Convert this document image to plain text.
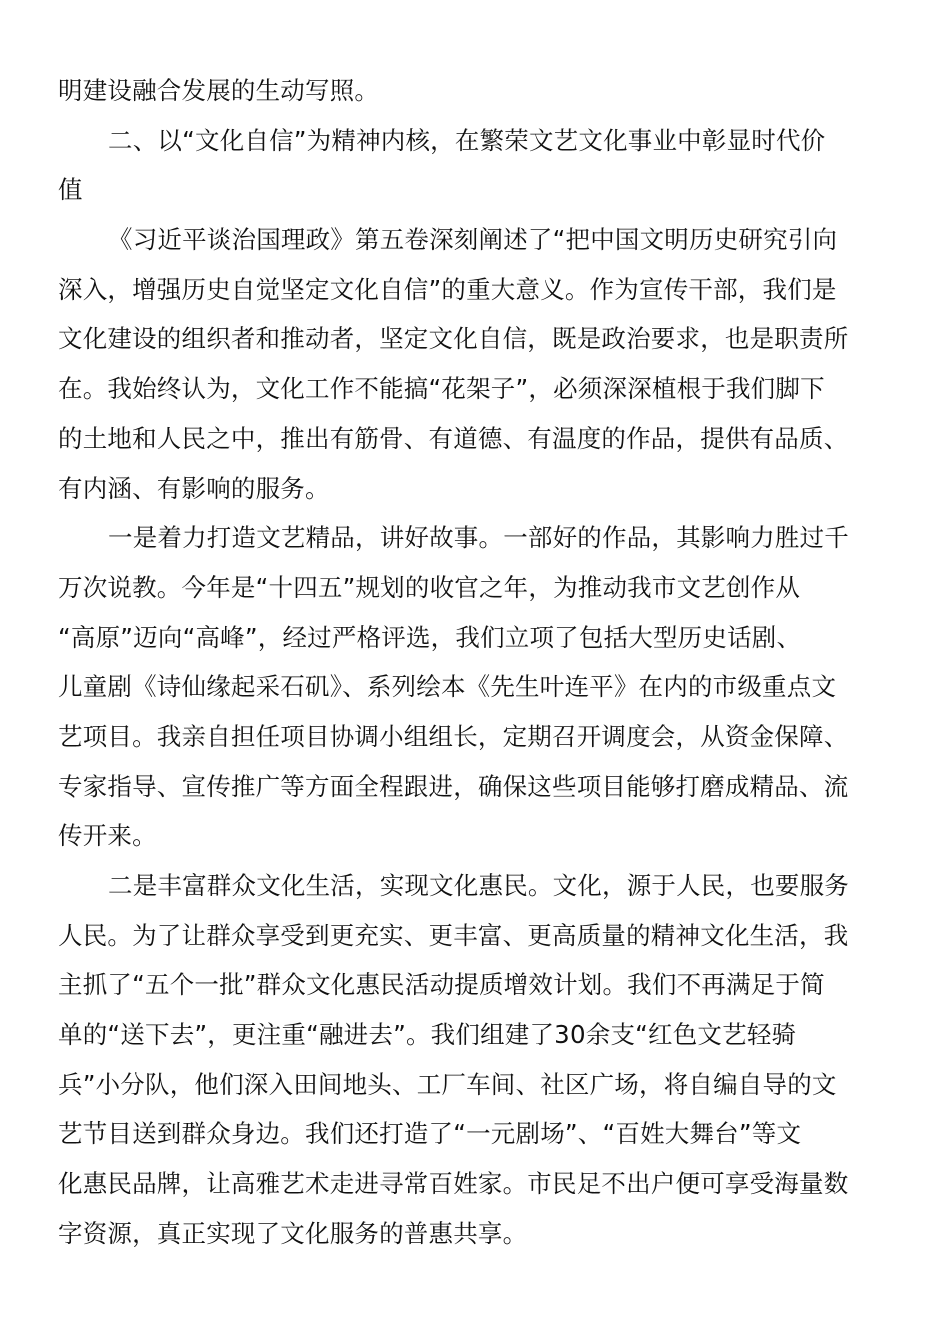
明建设融合发展的生动写照。
二、以“文化自信”为精神内核，在繁荣文艺文化事业中彰显时代价
值
《习近平谈治国理政》第五卷深刻阐述了“把中国文明历史研究引向
深入，增强历史自觉坚定文化自信”的重大意义。作为宣传干部，我们是
文化建设的组织者和推动者，坚定文化自信，既是政治要求，也是职责所
在。我始终认为，文化工作不能搞“花架子”，必须深深植根于我们脚下
的土地和人民之中，推出有筋骨、有道德、有温度的作品，提供有品质、
有内涵、有影响的服务。
一是着力打造文艺精品，讲好故事。一部好的作品，其影响力胜过千
万次说教。今年是“十四五”规划的收官之年，为推动我市文艺创作从
“高原”迈向“高峰”，经过严格评选，我们立项了包括大型历史话剧、
儿童剧《诗仙缘起采石矶》、系列绘本《先生叶连平》在内的市级重点文
艺项目。我亲自担任项目协调小组组长，定期召开调度会，从资金保障、
专家指导、宣传推广等方面全程跟进，确保这些项目能够打磨成精品、流
传开来。
二是丰富群众文化生活，实现文化惠民。文化，源于人民，也要服务
人民。为了让群众享受到更充实、更丰富、更高质量的精神文化生活，我
主抓了“五个一批”群众文化惠民活动提质增效计划。我们不再满足于简
单的“送下去”，更注重“融进去”。我们组建了30余支“红色文艺轻骑
兵”小分队，他们深入田间地头、工厂车间、社区广场，将自编自导的文
艺节目送到群众身边。我们还打造了“一元剧场”、“百姓大舞台”等文
化惠民品牌，让高雅艺术走进寻常百姓家。市民足不出户便可享受海量数
字资源，真正实现了文化服务的普惠共享。
